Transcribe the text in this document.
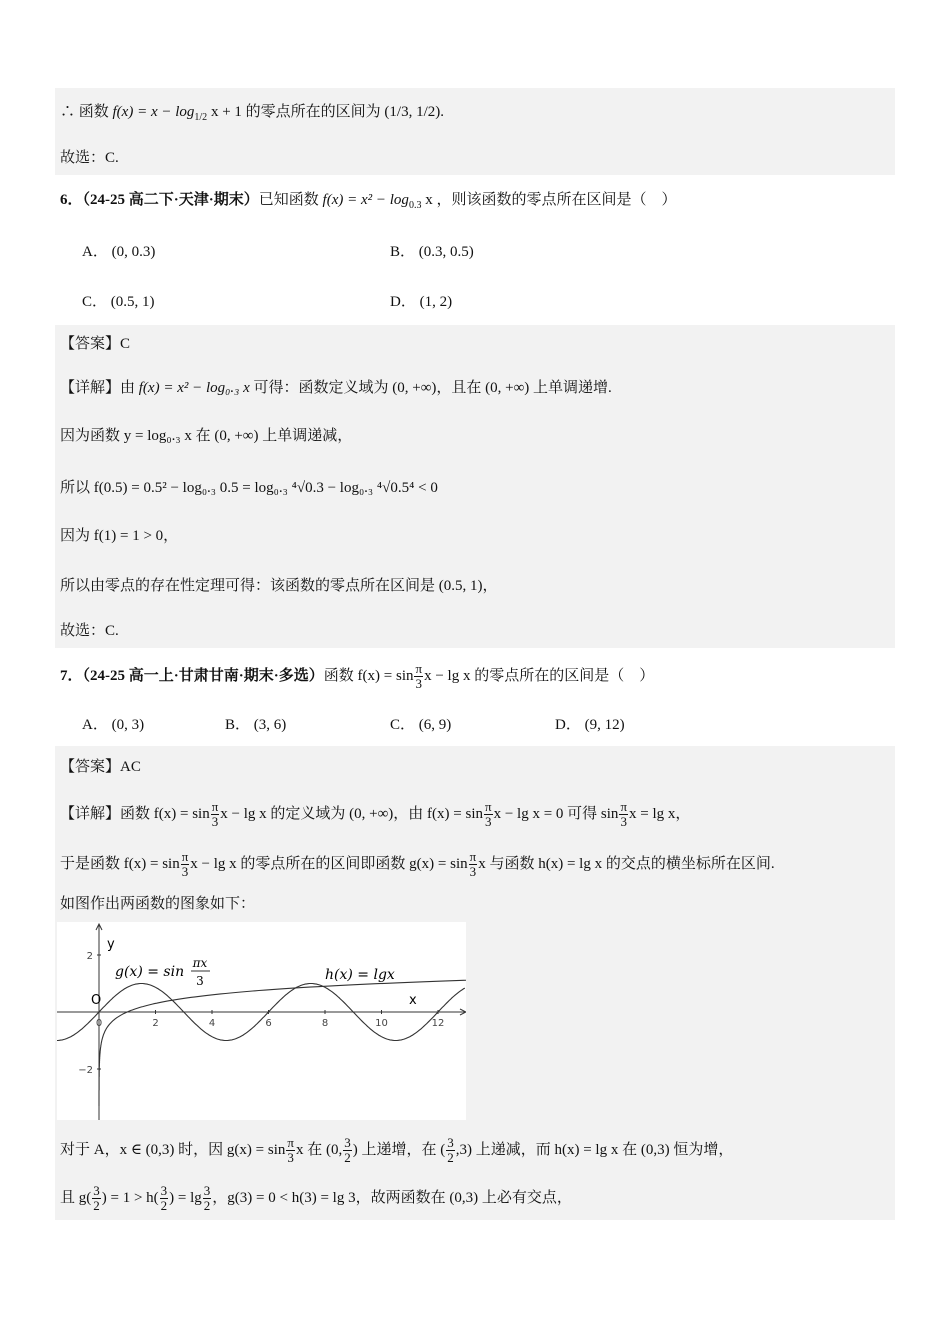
∴ 函数 $f(x) = x - \log_{1/2} x + 1$ 的零点所在的区间为 (1/3, 1/2).
故选：C.
6．（24-25 高二下·天津·期末）已知函数 $f(x) = x^2 - \log_{0.3} x$ ，则该函数的零点所在区间是（　）
A． (0, 0.3)	B． (0.3, 0.5)
C． (0.5, 1)	D． (1, 2)
【答案】C
【详解】由 f(x) = x² − log₀.₃ x 可得：函数定义域为 (0, +∞)，且在 (0, +∞) 上单调递增.
因为函数 y = log₀.₃ x 在 (0, +∞) 上单调递减，
所以 f(0.5) = 0.5² − log₀.₃ 0.5 = log₀.₃ ⁴√0.3 − log₀.₃ ⁴√0.5⁴ < 0
因为 f(1) = 1 > 0，
所以由零点的存在性定理可得：该函数的零点所在区间是 (0.5, 1)，
故选：C.
7．（24-25 高一上·甘肃甘南·期末·多选）函数 $f(x) = \sin \frac{\pi}{3}$ x − lg x 的零点所在的区间是（　）
A． (0, 3)	B． (3, 6)	C． (6, 9)	D． (9, 12)
【答案】AC
【详解】函数 $f(x) = \sin \frac{\pi}{3}$ x − lg x 的定义域为 (0, +∞)，由 $f(x) = \sin \frac{\pi}{3}$ x − lg x = 0 可得 $\sin \frac{\pi}{3}$ x = lg x，
于是函数 $f(x) = \sin \frac{\pi}{3}$ x − lg x 的零点所在的区间即函数 $g(x) = \sin \frac{\pi}{3}$ x 与函数 h(x) = lg x 的交点的横坐标所在区间.
如图作出两函数的图象如下：
0	2	4	6	8	10	12
2
−2
y
x
O
g(x) = sin
πx
3	h(x) = lgx
对于 A，x ∈ (0,3) 时，因 $g(x) = \sin \frac{\pi}{3}$ x 在 (0, $\frac{3}{2}$ ) 上递增，在 ( $\frac{3}{2} ,3$) 上递减，而 h(x) = lg x 在 (0,3) 恒为增，
且 $g( \frac{3}{2}$ ) = $1 > h( \frac{3}{2}$ ) = $\lg \frac{3}{2}$ ，g(3) = 0 < h(3) = lg 3，故两函数在 (0,3) 上必有交点，
